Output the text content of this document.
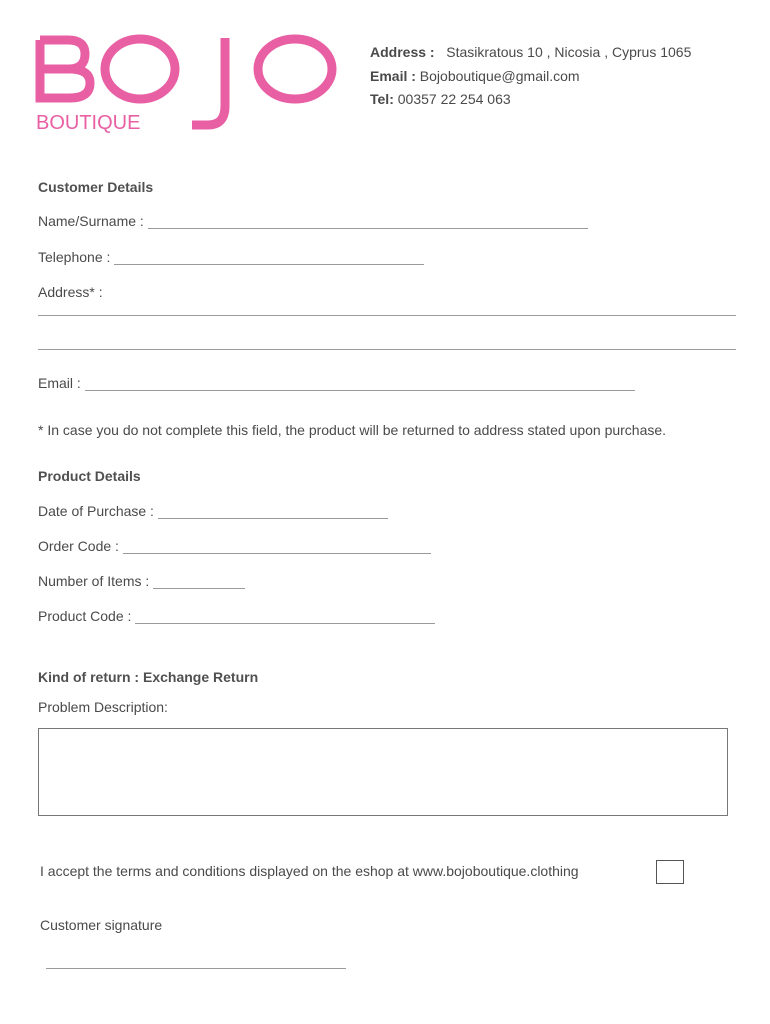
BOUTIQUE
Address : Stasikratous 10 , Nicosia , Cyprus 1065
Email : Bojoboutique@gmail.com
Tel: 00357 22 254 063
Customer Details
Name/Surname :
Telephone :
Address* :
Email :
* In case you do not complete this field, the product will be returned to address stated upon purchase.
Product Details
Date of Purchase :
Order Code :
Number of Items :
Product Code :
Kind of return : Exchange Return
Problem Description:
I accept the terms and conditions displayed on the eshop at www.bojoboutique.clothing
Customer signature
